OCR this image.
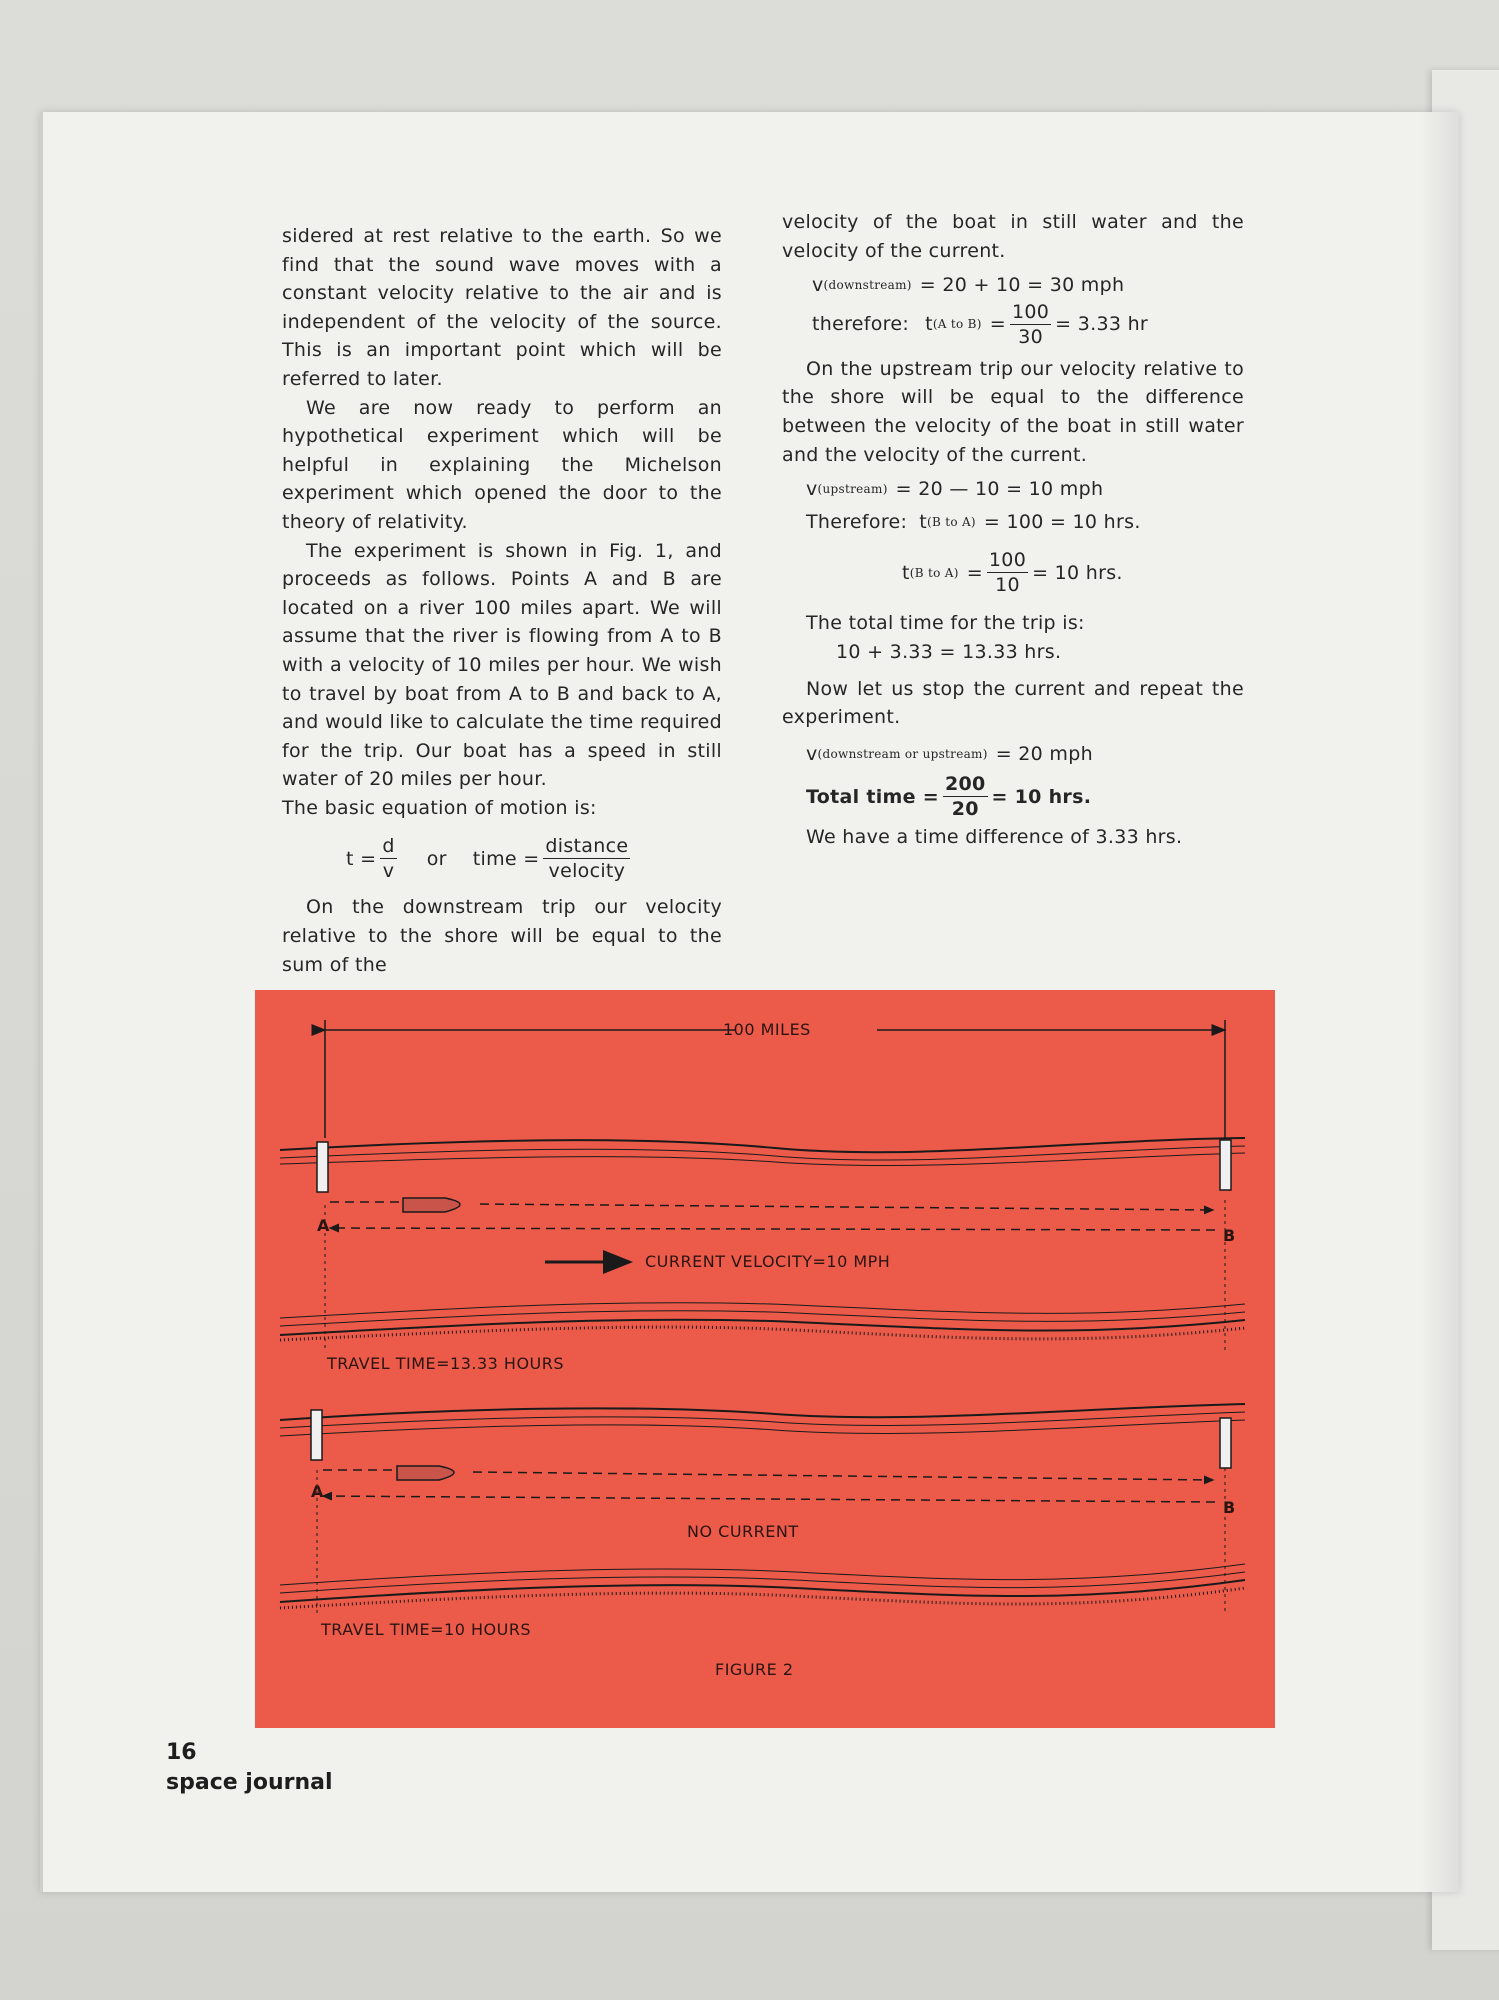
sidered at rest relative to the earth. So we find that the sound wave moves with a constant velocity relative to the air and is independent of the velocity of the source. This is an important point which will be referred to later.

We are now ready to perform an hypothetical experiment which will be helpful in explaining the Michelson experiment which opened the door to the theory of relativity.

The experiment is shown in Fig. 1, and proceeds as follows. Points A and B are located on a river 100 miles apart. We will assume that the river is flowing from A to B with a velocity of 10 miles per hour. We wish to travel by boat from A to B and back to A, and would like to calculate the time required for the trip. Our boat has a speed in still water of 20 miles per hour.

The basic equation of motion is:

$t = \frac{d}{v}$ or time = $\frac{\text{distance}}{\text{velocity}}$

On the downstream trip our velocity relative to the shore will be equal to the sum of the

velocity of the boat in still water and the velocity of the current.

v (downstream) = 20 + 10 = 30 mph
therefore: t (A to $B) = \frac{100}{30} = 3.33$ hr

On the upstream trip our velocity relative to the shore will be equal to the difference between the velocity of the boat in still water and the velocity of the current.

v (upstream) = 20 — 10 = 10 mph
Therefore: t (B to A) = 100 = 10 hrs.
t (B to $A) = \frac{100}{10} = 10$ hrs.

The total time for the trip is:

10 + 3.33 = 13.33 hrs.

Now let us stop the current and repeat the experiment.

v (downstream or upstream) = 20 mph
Total time = $\frac{200}{20} = 10$ hrs.

We have a time difference of 3.33 hrs.

100 MILES
A
B
CURRENT VELOCITY=10 MPH
TRAVEL TIME=13.33 HOURS
A
B
NO CURRENT
TRAVEL TIME=10 HOURS
FIGURE 2
16
space journal
